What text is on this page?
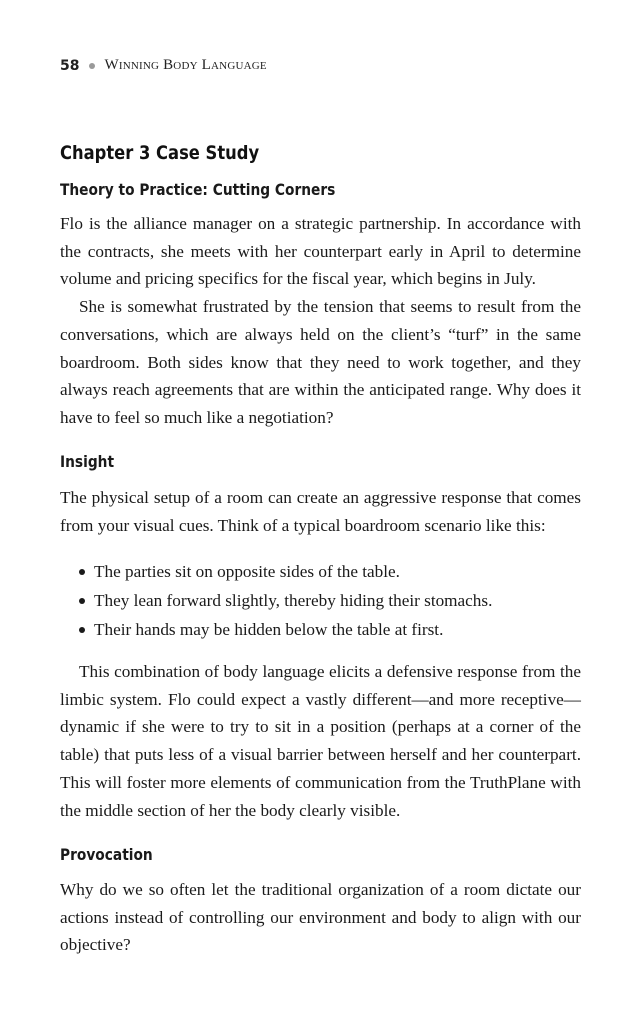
58 Winning Body Language
Chapter 3 Case Study
Theory to Practice: Cutting Corners

Flo is the alliance manager on a strategic partnership. In accordance with the contracts, she meets with her counterpart early in April to determine volume and pricing specifics for the fiscal year, which begins in July.

She is somewhat frustrated by the tension that seems to result from the conversations, which are always held on the client’s “turf” in the same boardroom. Both sides know that they need to work together, and they always reach agreements that are within the anticipated range. Why does it have to feel so much like a negotiation?

Insight

The physical setup of a room can create an aggressive response that comes from your visual cues. Think of a typical boardroom scenario like this:

The parties sit on opposite sides of the table.
They lean forward slightly, thereby hiding their stomachs.
Their hands may be hidden below the table at first.

This combination of body language elicits a defensive response from the limbic system. Flo could expect a vastly different—and more receptive—dynamic if she were to try to sit in a position (perhaps at a corner of the table) that puts less of a visual barrier between herself and her counterpart. This will foster more elements of communication from the TruthPlane with the middle section of her the body clearly visible.

Provocation

Why do we so often let the traditional organization of a room dictate our actions instead of controlling our environment and body to align with our objective?
